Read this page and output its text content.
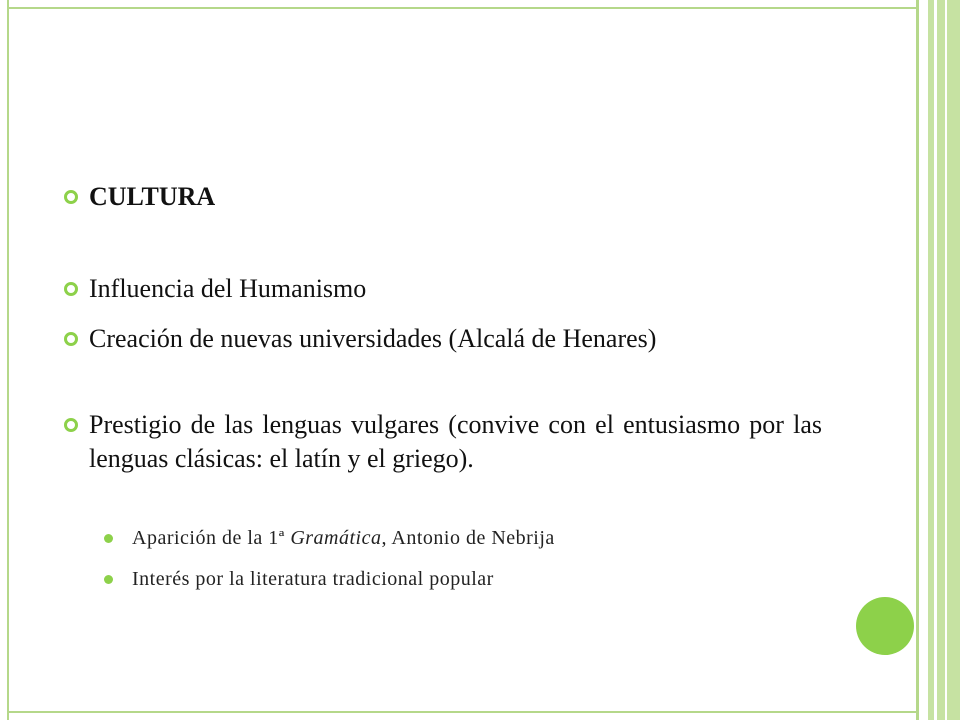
CULTURA
Influencia del Humanismo
Creación de nuevas universidades (Alcalá de Henares)
Prestigio de las lenguas vulgares (convive con el entusiasmo por las lenguas clásicas: el latín y el griego).
Aparición de la 1ª Gramática, Antonio de Nebrija
Interés por la literatura tradicional popular
